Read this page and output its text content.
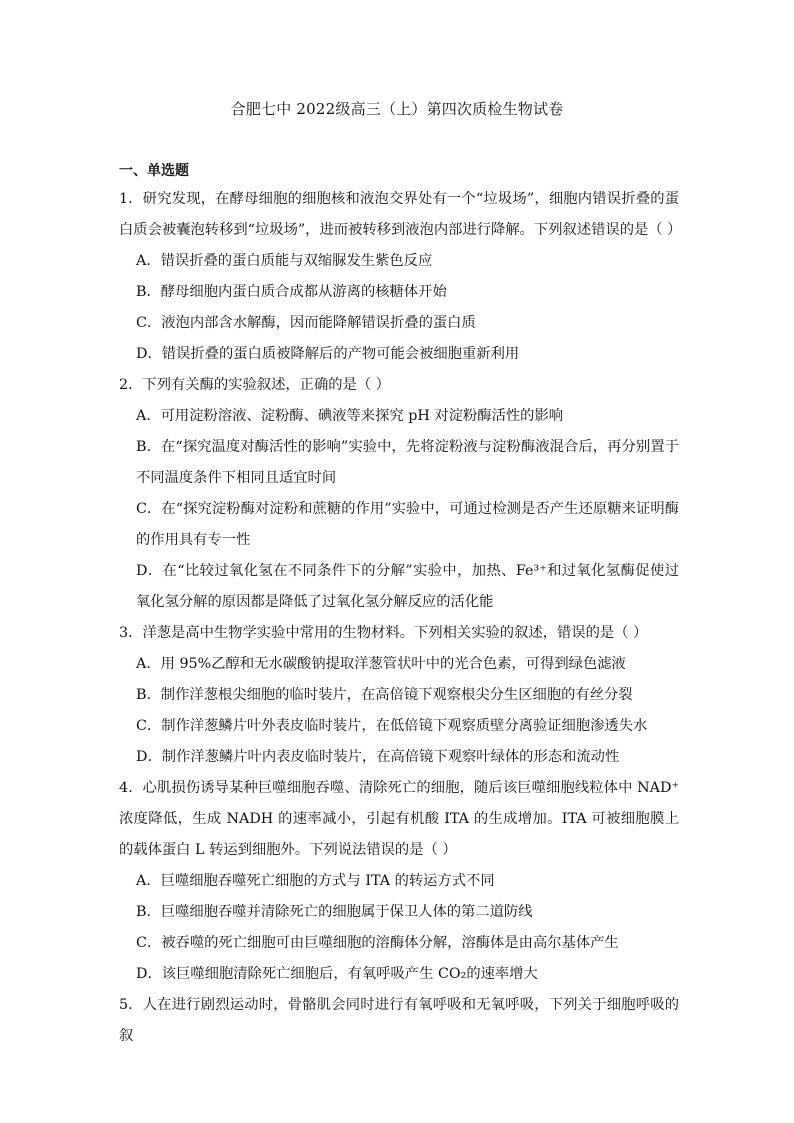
合肥七中 2022级高三（上）第四次质检生物试卷
一、单选题

1．研究发现，在酵母细胞的细胞核和液泡交界处有一个“垃圾场”，细胞内错误折叠的蛋白质会被囊泡转移到“垃圾场”，进而被转移到液泡内部进行降解。下列叙述错误的是（ ）

A．错误折叠的蛋白质能与双缩脲发生紫色反应

B．酵母细胞内蛋白质合成都从游离的核糖体开始

C．液泡内部含水解酶，因而能降解错误折叠的蛋白质

D．错误折叠的蛋白质被降解后的产物可能会被细胞重新利用

2．下列有关酶的实验叙述，正确的是（ ）

A．可用淀粉溶液、淀粉酶、碘液等来探究 pH 对淀粉酶活性的影响

B．在“探究温度对酶活性的影响”实验中，先将淀粉液与淀粉酶液混合后，再分别置于不同温度条件下相同且适宜时间

C．在“探究淀粉酶对淀粉和蔗糖的作用”实验中，可通过检测是否产生还原糖来证明酶的作用具有专一性

D．在“比较过氧化氢在不同条件下的分解”实验中，加热、Fe³⁺和过氧化氢酶促使过氧化氢分解的原因都是降低了过氧化氢分解反应的活化能

3．洋葱是高中生物学实验中常用的生物材料。下列相关实验的叙述，错误的是（ ）

A．用 95%乙醇和无水碳酸钠提取洋葱管状叶中的光合色素，可得到绿色滤液

B．制作洋葱根尖细胞的临时装片，在高倍镜下观察根尖分生区细胞的有丝分裂

C．制作洋葱鳞片叶外表皮临时装片，在低倍镜下观察质壁分离验证细胞渗透失水

D．制作洋葱鳞片叶内表皮临时装片，在高倍镜下观察叶绿体的形态和流动性

4．心肌损伤诱导某种巨噬细胞吞噬、清除死亡的细胞，随后该巨噬细胞线粒体中 NAD⁺浓度降低，生成 NADH 的速率减小，引起有机酸 ITA 的生成增加。ITA 可被细胞膜上的载体蛋白 L 转运到细胞外。下列说法错误的是（ ）

A．巨噬细胞吞噬死亡细胞的方式与 ITA 的转运方式不同

B．巨噬细胞吞噬并清除死亡的细胞属于保卫人体的第二道防线

C．被吞噬的死亡细胞可由巨噬细胞的溶酶体分解，溶酶体是由高尔基体产生

D．该巨噬细胞清除死亡细胞后，有氧呼吸产生 CO₂的速率增大

5．人在进行剧烈运动时，骨骼肌会同时进行有氧呼吸和无氧呼吸，下列关于细胞呼吸的叙
